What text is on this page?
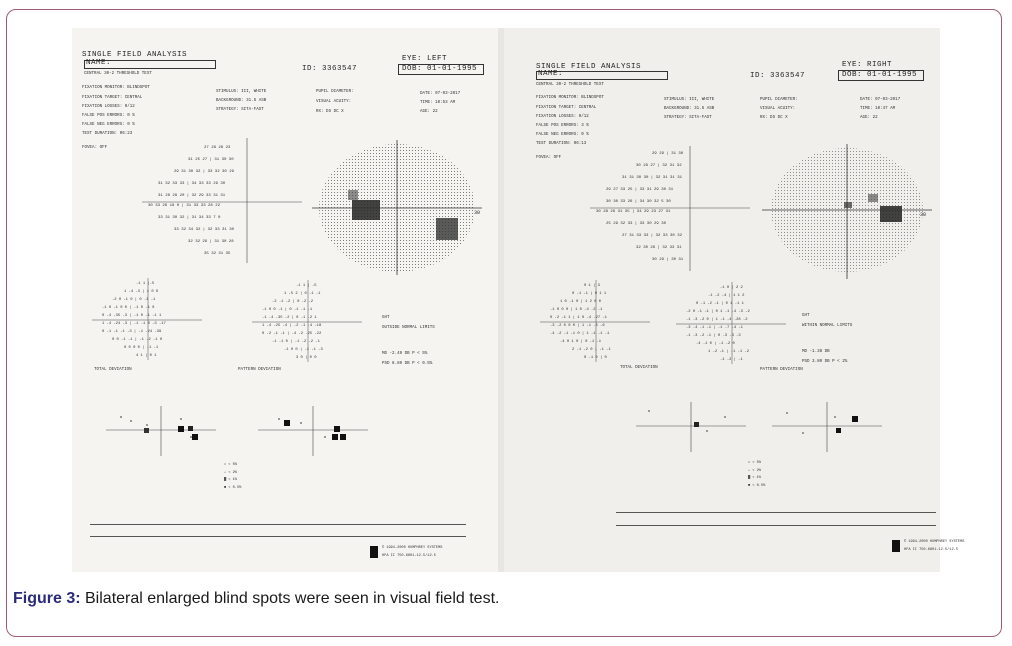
SINGLE FIELD ANALYSIS
NAME:	EYE: LEFT
ID: 3363547	DOB: 01-01-1995
CENTRAL 30-2 THRESHOLD TEST
FIXATION MONITOR: BLINDSPOT
FIXATION TARGET: CENTRAL
FIXATION LOSSES: 0/12
FALSE POS ERRORS: 0 %
FALSE NEG ERRORS: 0 %
TEST DURATION: 06:23
FOVEA: OFF
STIMULUS: III, WHITE
BACKGROUND: 31.5 ASB
STRATEGY: SITA-FAST
PUPIL DIAMETER:
VISUAL ACUITY:
RX: DS DC X
DATE: 07-03-2017
TIME: 10:53 AM
AGE: 22
27 28 28 23
31 25 27 | 31 30 30
29 31 30 32 | 33 32 30 29
31 32 33 33 | 34 33 33 29 30
31 28 29 20 | 32 29 33 31 31
30 33 26 18 0 | 31 33 33 28 22
33 31 30 32 | 31 34 33 7 0
33 32 34 32 | 32 33 31 30
32 32 29 | 31 30 28
35 32 31 35
30
-1 1 |-5
1 -4 -3 | 1 0 0
-2 0 -1 0 | 0 -3 -1
-1 0 -1 0 0 | -1 0 -1 0
0 -4 -35 -3 | -1 0 -1 -1 1
1 -4 -24 -3 | -1 -1 0 -3 -17
0 -1 -1 -1 -3 | -1 -24 -39
0 0 -1 -1 | -1 -2 -1 0
0 0 0 0 | -1 -1
4 1 | 0 1
-1 1 | -5
1 -5 2 | 0 -1 -1
-2 -1 -2 | 0 -2 -2
-1 0 0 -1 | 0 -1 -1 -1
-1 -4 -35 -2 | 0 -1 -2 1
1 -4 -25 -4 | -2 -1 -4 -18
0 -2 -1 -1 | -4 -2 -25 -22
-1 -1 0 | -1 -2 -2 -1
-1 0 0 | -1 -1 -3
3 0 | 0 0
GHT
OUTSIDE NORMAL LIMITS
MD -2.49 DB P < 5%
PSD 8.89 DB P < 0.5%
TOTAL DEVIATION	PATTERN DEVIATION
∷ < 5%
∴ < 2%
▓ < 1%
■ < 0.5%
© 1994-2000 HUMPHREY SYSTEMS
HFA II 750-6801-12.5/12.5
SINGLE FIELD ANALYSIS
NAME:
EYE: RIGHT
ID: 3363547	DOB: 01-01-1995
CENTRAL 30-2 THRESHOLD TEST
FIXATION MONITOR: BLINDSPOT
FIXATION TARGET: CENTRAL
FIXATION LOSSES: 0/12
FALSE POS ERRORS: 3 %
FALSE NEG ERRORS: 0 %
TEST DURATION: 06:13
FOVEA: OFF
STIMULUS: III, WHITE
BACKGROUND: 31.5 ASB
STRATEGY: SITA-FAST
PUPIL DIAMETER:
VISUAL ACUITY:
RX: DS DC X
DATE: 07-03-2017
TIME: 10:47 AM
AGE: 22
29 29 | 31 30
30 29 27 | 32 31 32
31 31 30 30 | 32 31 31 31
29 27 33 25 | 33 31 29 30 31
30 30 33 26 | 34 30 32 5 30
30 28 29 31 35 | 34 29 23 27 31
25 29 32 33 | 33 30 29 30
27 31 33 33 | 32 33 30 32
32 30 29 | 32 33 31
30 29 | 30 31
30
0 1 | 3
0 -1 -1 | 0 1 1
1 0 -1 0 | 1 2 0 0
-1 0 0 0 | 1 0 -4 -2 -1
0 -2 -1 1 | 1 0 -4 -27 -1
-3 -2 0 0 0 | 1 -1 -5 -6
-4 -2 -1 -1 0 | 1 -1 -1 -1
-4 0 1 0 | 0 -1 -1
2 -1 -2 0 | -1 -1
0 -1 0 | 0
-1 0 | 2 2
-1 -2 -4 | 1 1 2
0 -1 -2 -1 | 0 1 -1 1
-2 0 -1 -1 | 0 1 -1 -4 -3 -2
-1 -3 -2 0 | 1 -1 -4 -28 -2
-3 -4 -1 -1 | -1 -7 -4 -1
-1 -3 -2 -1 | 0 -3 -3 -3
-4 -1 0 | -1 -2 0
1 -2 -1 | -1 -1 -2
-1 -2 | -1
GHT
WITHIN NORMAL LIMITS
MD -1.38 DB
PSD 3.80 DB P < 2%
TOTAL DEVIATION	PATTERN DEVIATION
∷ < 5%
∴ < 2%
▓ < 1%
■ < 0.5%
© 1994-2000 HUMPHREY SYSTEMS
HFA II 750-6801-12.5/12.5
Figure 3: Bilateral enlarged blind spots were seen in visual field test.
